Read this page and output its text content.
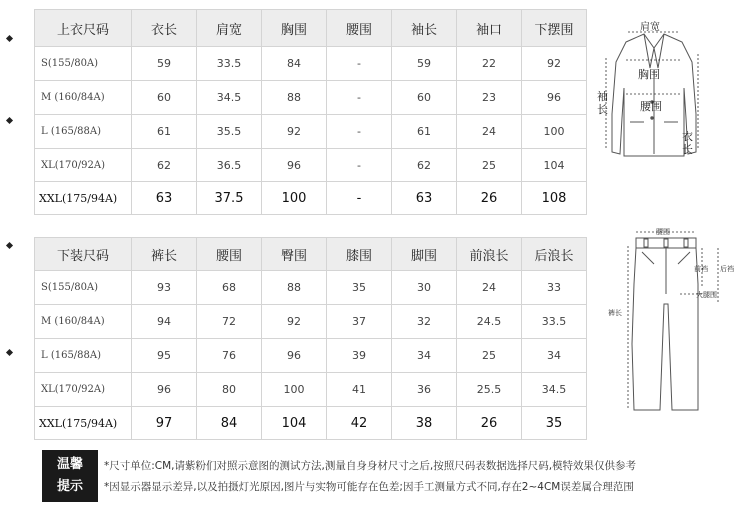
上衣尺码	衣长	肩宽	胸围	腰围	袖长	袖口	下摆围
S(155/80A)	59	33.5	84	-	59	22	92
M (160/84A)	60	34.5	88	-	60	23	96
L (165/88A)	61	35.5	92	-	61	24	100
XL(170/92A)	62	36.5	96	-	62	25	104
XXL(175/94A)	63	37.5	100	-	63	26	108
下装尺码	裤长	腰围	臀围	膝围	脚围	前浪长	后浪长
S(155/80A)	93	68	88	35	30	24	33
M (160/84A)	94	72	92	37	32	24.5	33.5
L (165/88A)	95	76	96	39	34	25	34
XL(170/92A)	96	80	100	41	36	25.5	34.5
XXL(175/94A)	97	84	104	42	38	26	35
肩宽
胸围
腰围
袖长
衣长
腰围
前裆 后裆
大腿围
裤长
温馨
提示
*尺寸单位:CM,请紫粉们对照示意图的测试方法,测量自身身材尺寸之后,按照尺码表数据选择尺码,模特效果仅供参考
*因显示器显示差异,以及拍摄灯光原因,图片与实物可能存在色差;因手工测量方式不同,存在2~4CM误差属合理范围
